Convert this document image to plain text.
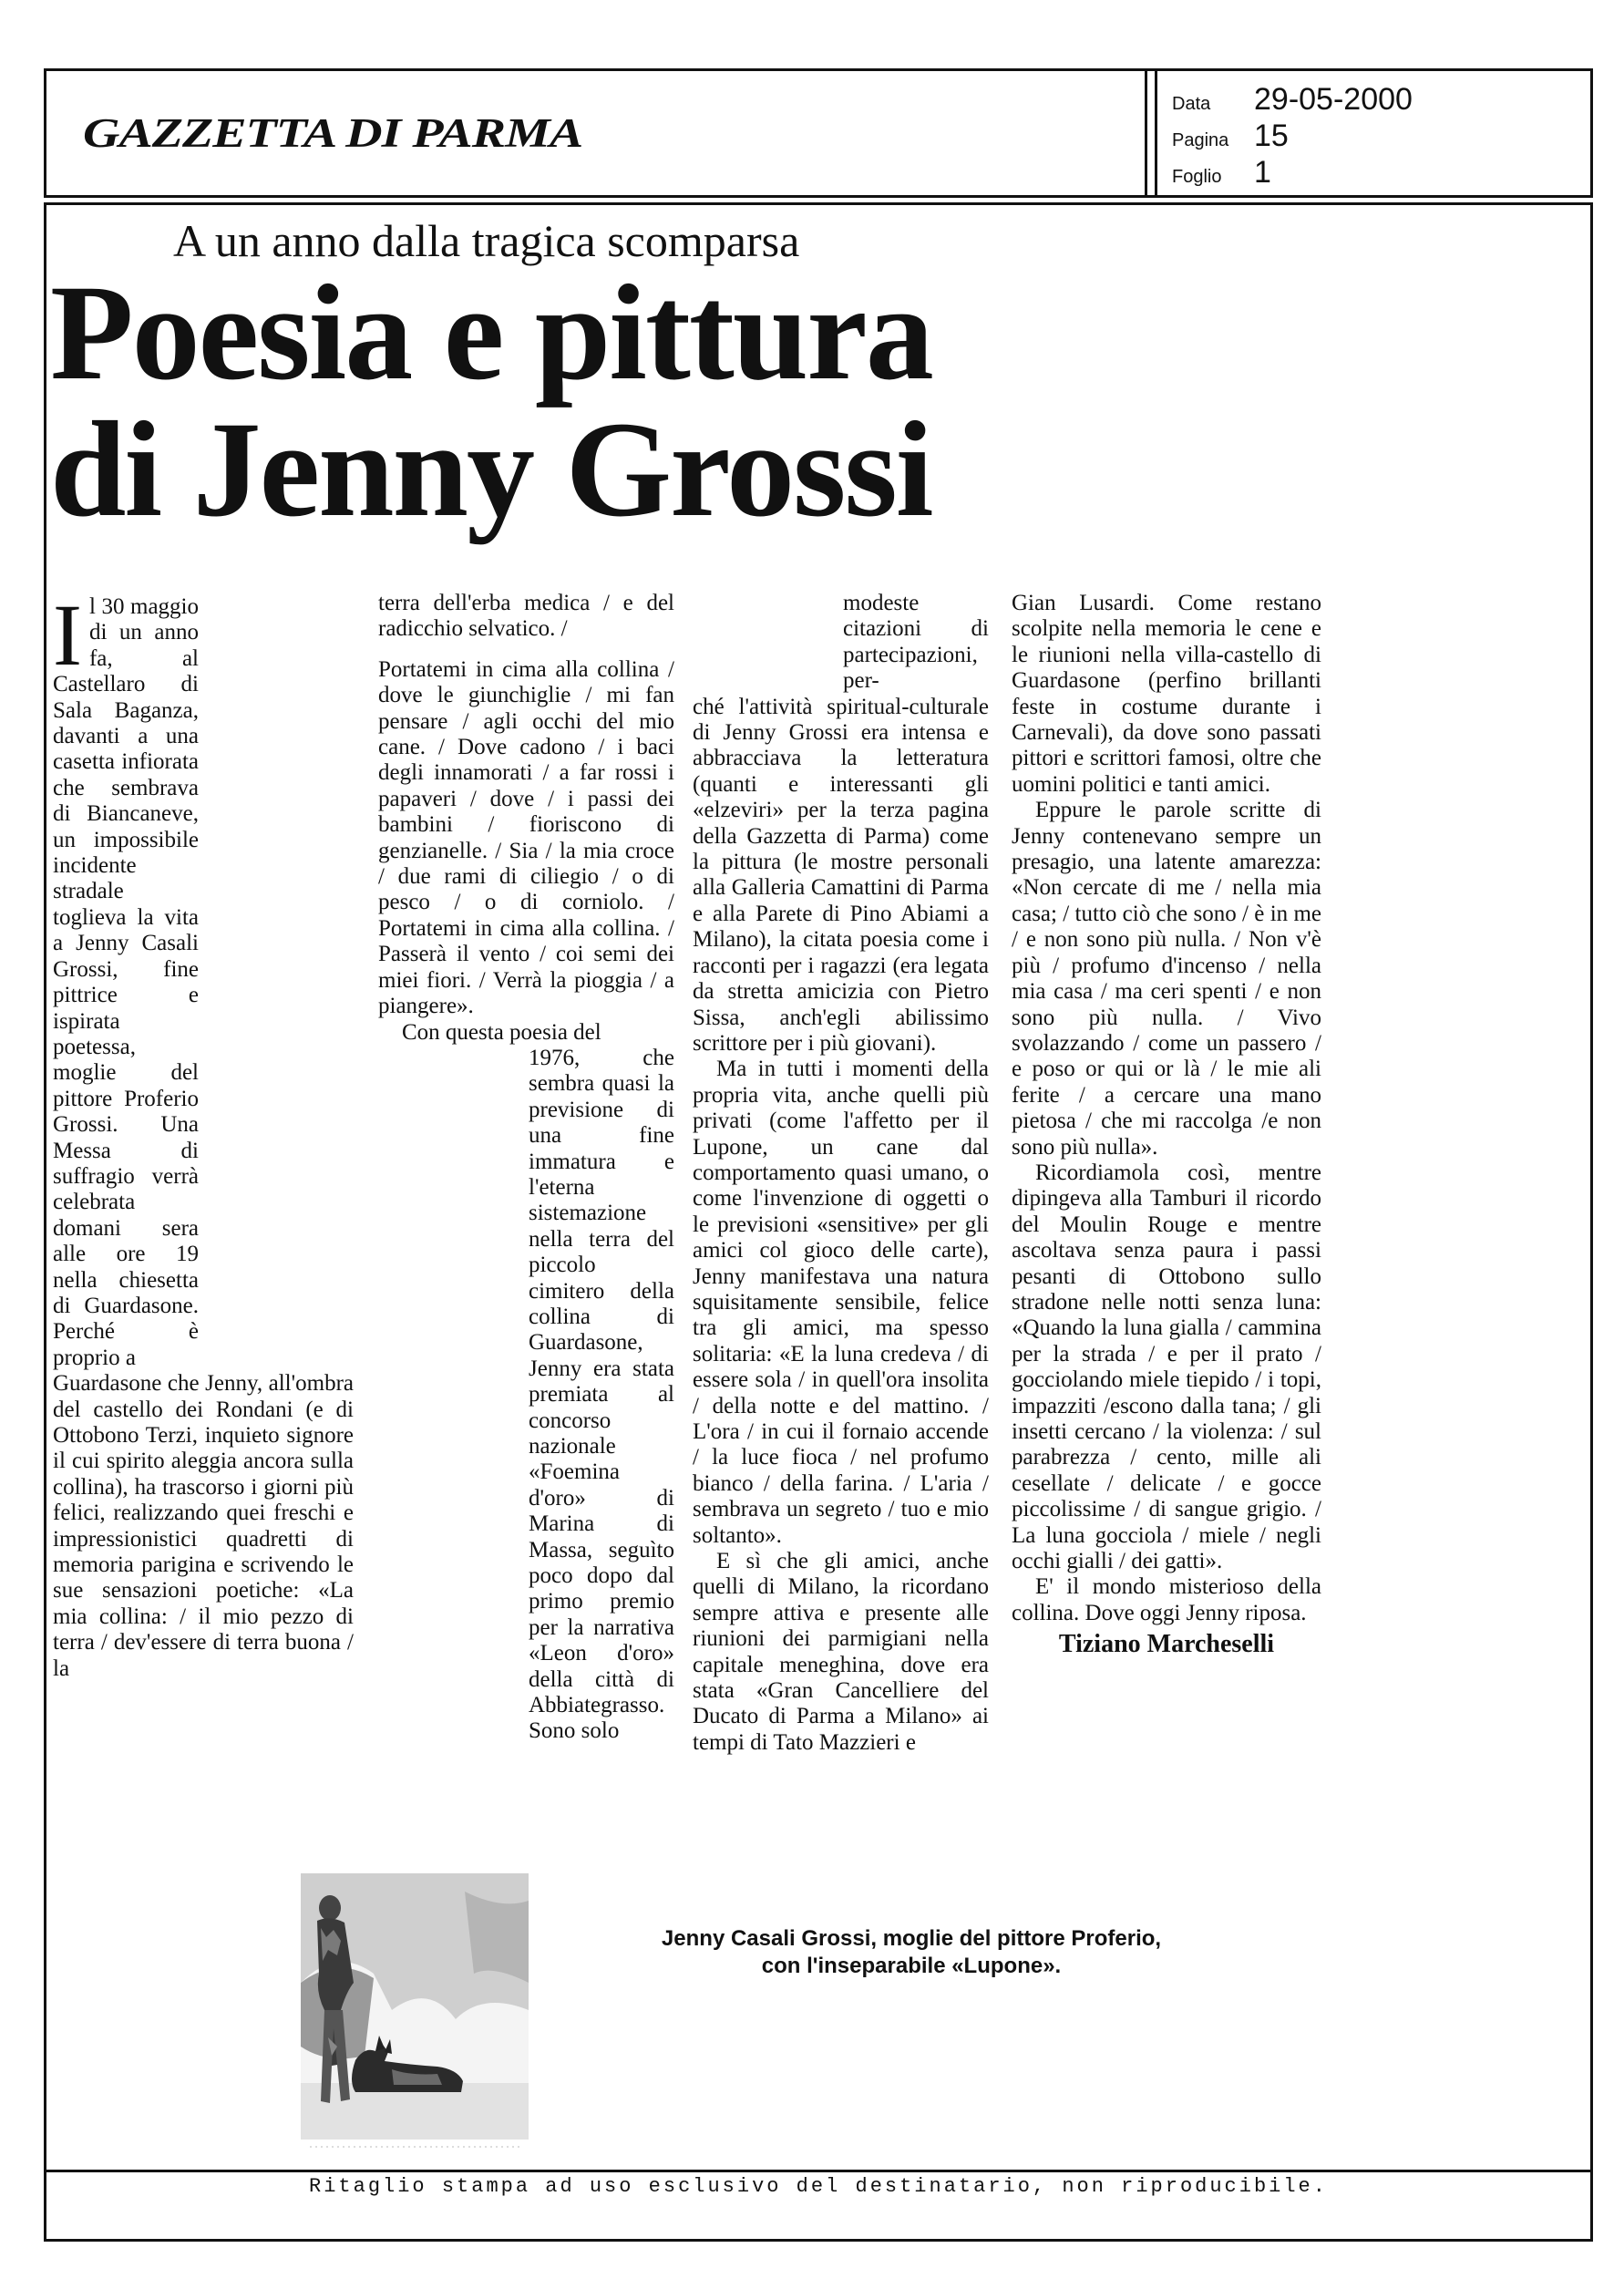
GAZZETTA DI PARMA
Data	29-05-2000
Pagina 15
Foglio	1
A un anno dalla tragica scomparsa
Poesia e pittura
di Jenny Grossi
I l 30 maggio di un anno fa, al Castellaro di Sala Baganza, davanti a una casetta infiorata che sembrava di Biancaneve, un impossibile incidente stradale toglieva la vita a Jenny Casali Grossi, fine pittrice e ispirata poetessa, moglie del pittore Proferio Grossi. Una Messa di suffragio verrà celebrata domani sera alle ore 19 nella chiesetta di Guardasone. Perché è proprio a

Guardasone che Jenny, all'ombra del castello dei Rondani (e di Ottobono Terzi, inquieto signore il cui spirito aleggia ancora sulla collina), ha trascorso i giorni più felici, realizzando quei freschi e impressionistici quadretti di memoria parigina e scrivendo le sue sensazioni poetiche: «La mia collina: / il mio pezzo di terra / dev'essere di terra buona / la

terra dell'erba medica / e del radicchio selvatico. /

Portatemi in cima alla collina / dove le giunchiglie / mi fan pensare / agli occhi del mio cane. / Dove cadono / i baci degli innamorati / a far rossi i papaveri / dove / i passi dei bambini / fioriscono di genzianelle. / Sia / la mia croce / due rami di ciliegio / o di pesco / o di corniolo. / Portatemi in cima alla collina. / Passerà il vento / coi semi dei miei fiori. / Verrà la pioggia / a piangere».

Con questa poesia del

1976, che sembra quasi la previsione di una fine immatura e l'eterna sistemazione nella terra del piccolo cimitero della collina di Guardasone, Jenny era stata premiata al concorso nazionale «Foemina d'oro» di Marina di Massa, seguìto poco dopo dal primo premio per la narrativa «Leon d'oro» della città di Abbiategrasso. Sono solo

modeste citazioni di partecipazioni, per-

ché l'attività spiritual-culturale di Jenny Grossi era intensa e abbracciava la letteratura (quanti e interessanti gli «elzeviri» per la terza pagina della Gazzetta di Parma) come la pittura (le mostre personali alla Galleria Camattini di Parma e alla Parete di Pino Abiami a Milano), la citata poesia come i racconti per i ragazzi (era legata da stretta amicizia con Pietro Sissa, anch'egli abilissimo scrittore per i più giovani).

Ma in tutti i momenti della propria vita, anche quelli più privati (come l'affetto per il Lupone, un cane dal comportamento quasi umano, o come l'invenzione di oggetti o le previsioni «sensitive» per gli amici col gioco delle carte), Jenny manifestava una natura squisitamente sensibile, felice tra gli amici, ma spesso solitaria: «E la luna credeva / di essere sola / in quell'ora insolita / della notte e del mattino. / L'ora / in cui il fornaio accende / la luce fioca / nel profumo bianco / della farina. / L'aria / sembrava un segreto / tuo e mio soltanto».

E sì che gli amici, anche quelli di Milano, la ricordano sempre attiva e presente alle riunioni dei parmigiani nella capitale meneghina, dove era stata «Gran Cancelliere del Ducato di Parma a Milano» ai tempi di Tato Mazzieri e

Gian Lusardi. Come restano scolpite nella memoria le cene e le riunioni nella villa-castello di Guardasone (perfino brillanti feste in costume durante i Carnevali), da dove sono passati pittori e scrittori famosi, oltre che uomini politici e tanti amici.

Eppure le parole scritte di Jenny contenevano sempre un presagio, una latente amarezza: «Non cercate di me / nella mia casa; / tutto ciò che sono / è in me / e non sono più nulla. / Non v'è più / profumo d'incenso / nella mia casa / ma ceri spenti / e non sono più nulla. / Vivo svolazzando / come un passero / e poso or qui or là / le mie ali ferite / a cercare una mano pietosa / che mi raccolga /e non sono più nulla».

Ricordiamola così, mentre dipingeva alla Tamburi il ricordo del Moulin Rouge e mentre ascoltava senza paura i passi pesanti di Ottobono sullo stradone nelle notti senza luna: «Quando la luna gialla / cammina per la strada / e per il prato / gocciolando miele tiepido / i topi, impazziti /escono dalla tana; / gli insetti cercano / la violenza: / sul parabrezza / cento, mille ali cesellate / delicate / e gocce piccolissime / di sangue grigio. / La luna gocciola / miele / negli occhi gialli / dei gatti».

E' il mondo misterioso della collina. Dove oggi Jenny riposa.

Tiziano Marcheselli
Jenny Casali Grossi, moglie del pittore Proferio,
con l'inseparabile «Lupone».
Ritaglio stampa ad uso esclusivo del destinatario, non riproducibile.
